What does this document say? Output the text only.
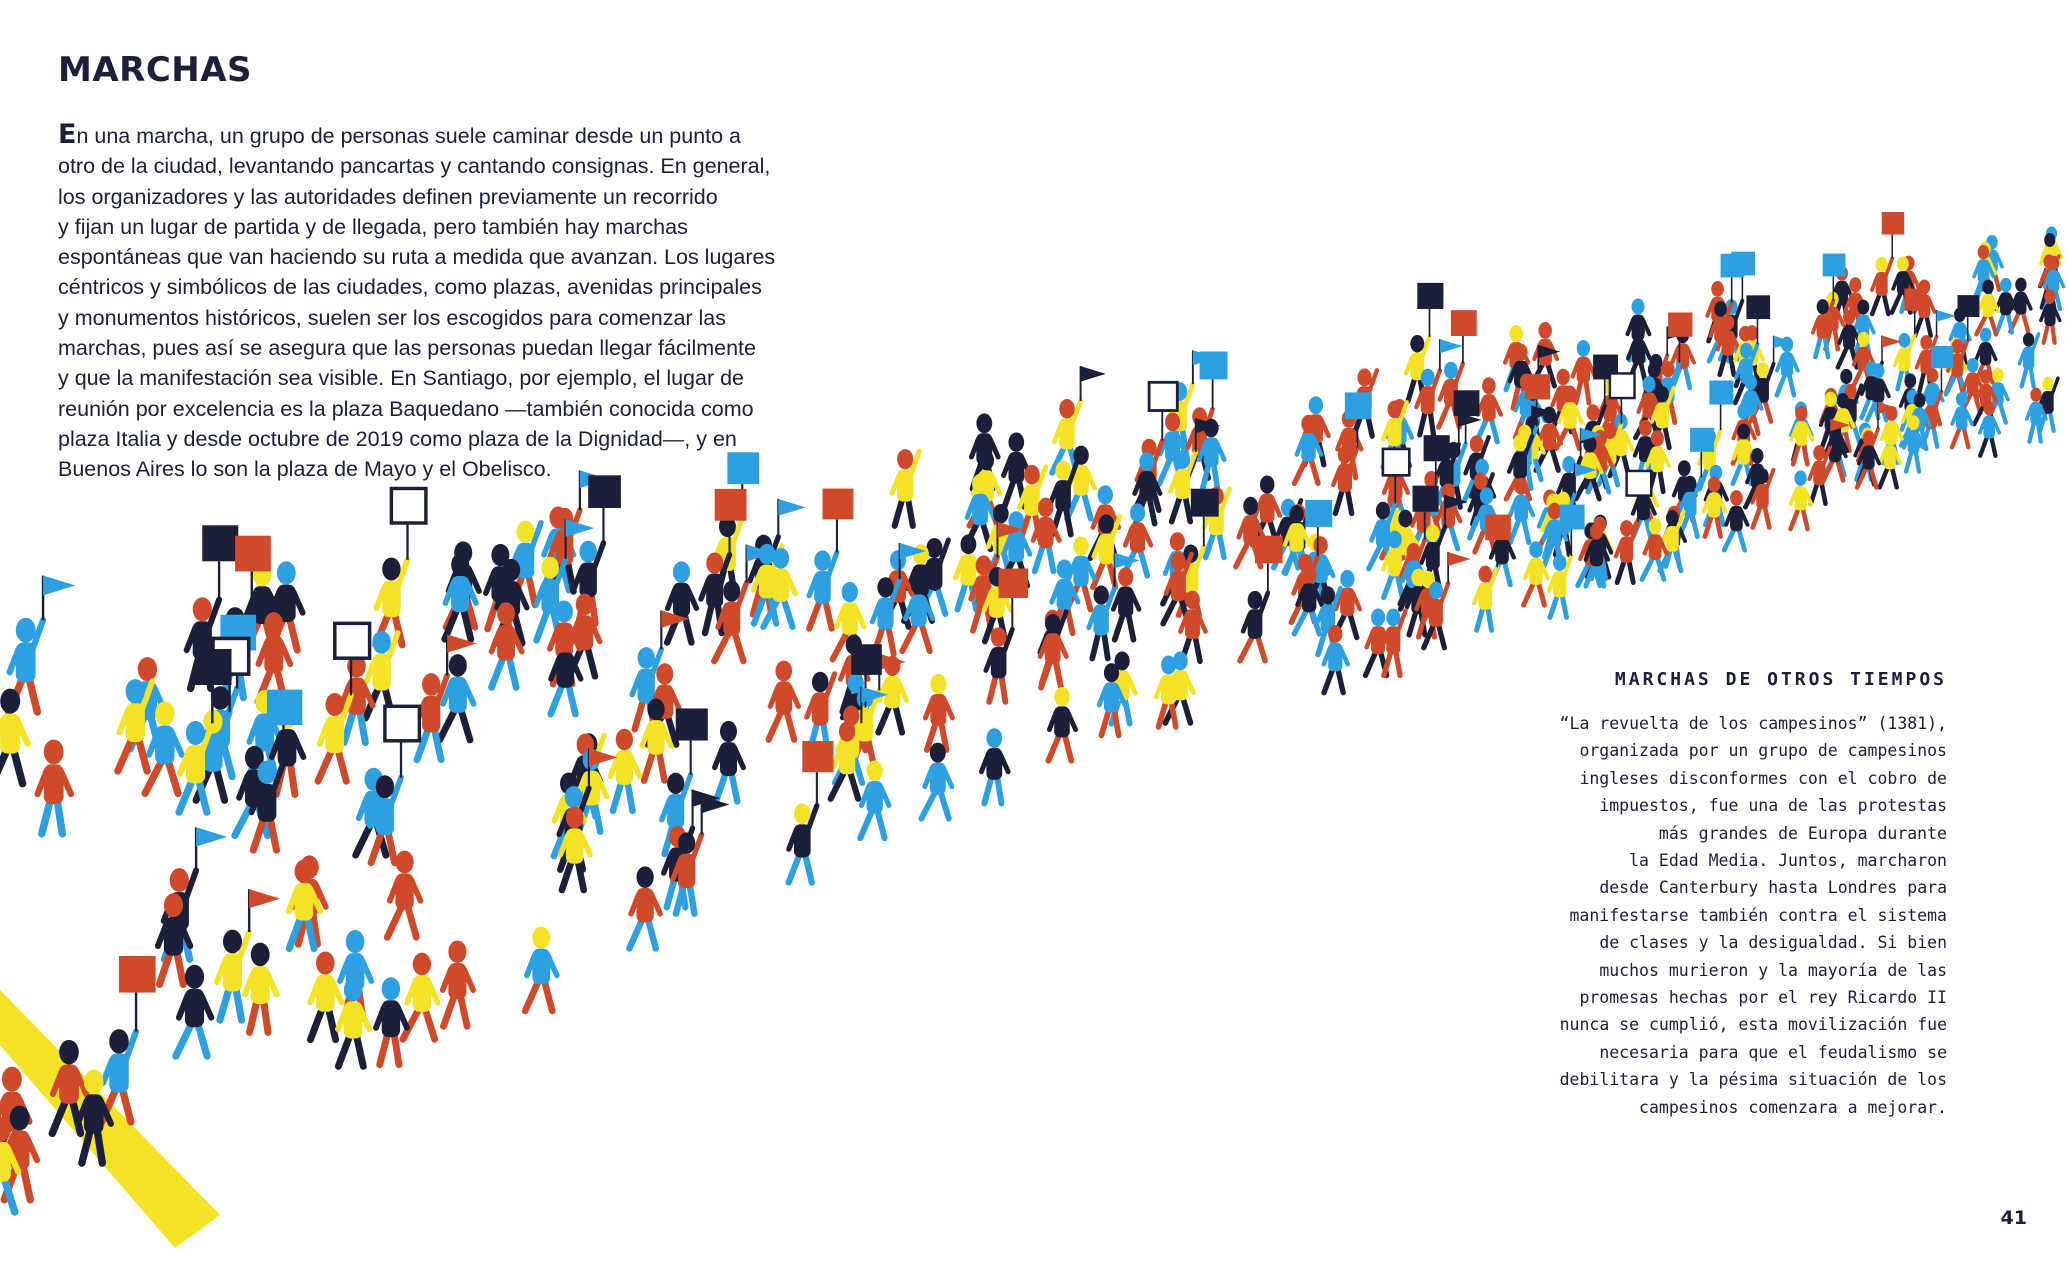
MARCHAS
En una marcha, un grupo de personas suele caminar desde un punto a
otro de la ciudad, levantando pancartas y cantando consignas. En general,
los organizadores y las autoridades definen previamente un recorrido
y fijan un lugar de partida y de llegada, pero también hay marchas
espontáneas que van haciendo su ruta a medida que avanzan. Los lugares
céntricos y simbólicos de las ciudades, como plazas, avenidas principales
y monumentos históricos, suelen ser los escogidos para comenzar las
marchas, pues así se asegura que las personas puedan llegar fácilmente
y que la manifestación sea visible. En Santiago, por ejemplo, el lugar de
reunión por excelencia es la plaza Baquedano —también conocida como
plaza Italia y desde octubre de 2019 como plaza de la Dignidad—, y en
Buenos Aires lo son la plaza de Mayo y el Obelisco.
MARCHAS DE OTROS TIEMPOS
“La revuelta de los campesinos” (1381),
organizada por un grupo de campesinos
ingleses disconformes con el cobro de
impuestos, fue una de las protestas
más grandes de Europa durante
la Edad Media. Juntos, marcharon
desde Canterbury hasta Londres para
manifestarse también contra el sistema
de clases y la desigualdad. Si bien
muchos murieron y la mayoría de las
promesas hechas por el rey Ricardo II
nunca se cumplió, esta movilización fue
necesaria para que el feudalismo se
debilitara y la pésima situación de los
campesinos comenzara a mejorar.
41
